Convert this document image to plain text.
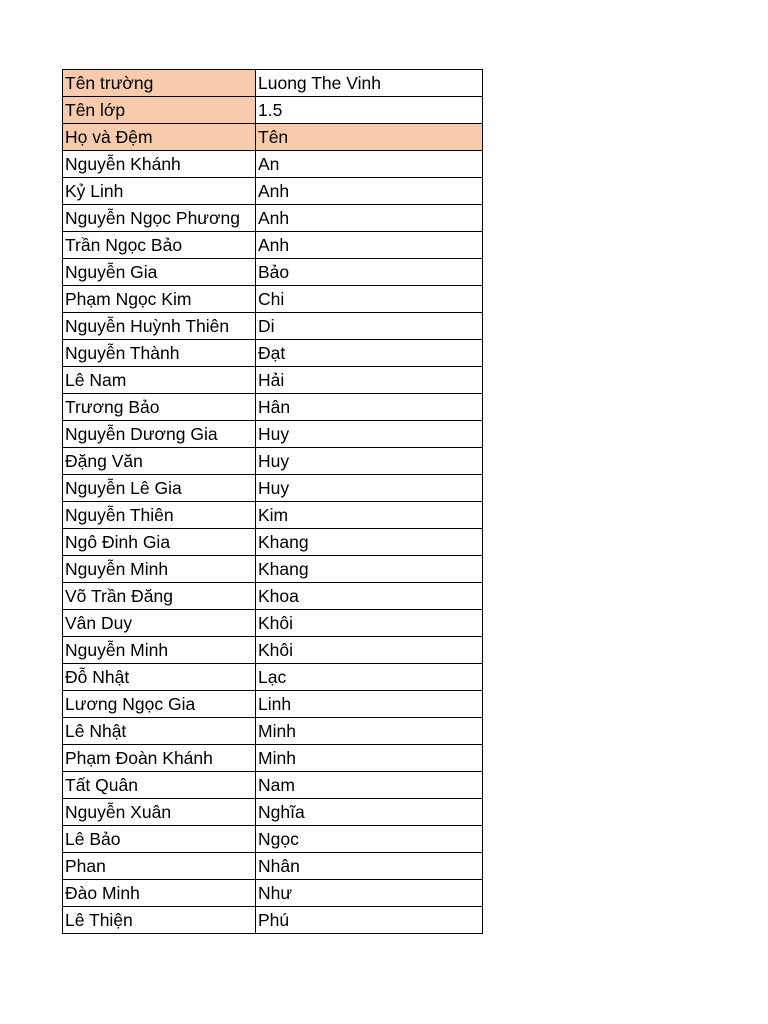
Tên trường	Luong The Vinh
Tên lớp	1.5
Họ và Đệm	Tên
Nguyễn Khánh	An
Kỷ Linh	Anh
Nguyễn Ngọc Phương	Anh
Trần Ngọc Bảo	Anh
Nguyễn Gia	Bảo
Phạm Ngọc Kim	Chi
Nguyễn Huỳnh Thiên	Di
Nguyễn Thành	Đạt
Lê Nam	Hải
Trương Bảo	Hân
Nguyễn Dương Gia	Huy
Đặng Văn	Huy
Nguyễn Lê Gia	Huy
Nguyễn Thiên	Kim
Ngô Đinh Gia	Khang
Nguyễn Minh	Khang
Võ Trần Đăng	Khoa
Vân Duy	Khôi
Nguyễn Minh	Khôi
Đỗ Nhật	Lạc
Lương Ngọc Gia	Linh
Lê Nhật	Minh
Phạm Đoàn Khánh	Minh
Tất Quân	Nam
Nguyễn Xuân	Nghĩa
Lê Bảo	Ngọc
Phan	Nhân
Đào Minh	Như
Lê Thiện	Phú
